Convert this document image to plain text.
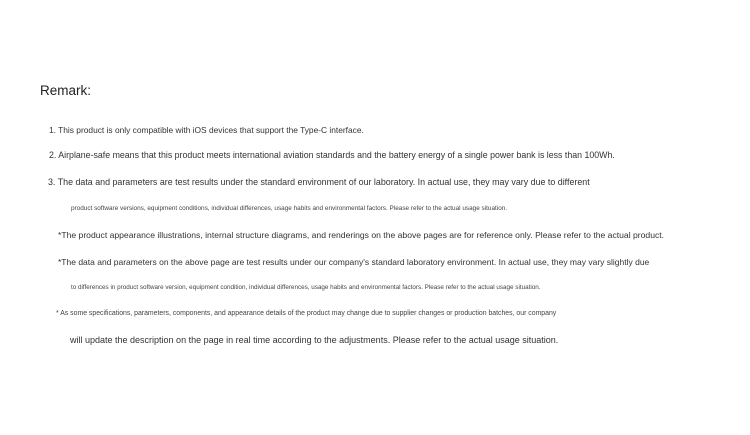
Remark:
1. This product is only compatible with iOS devices that support the Type-C interface.
2. Airplane-safe means that this product meets international aviation standards and the battery energy of a single power bank is less than 100Wh.
3. The data and parameters are test results under the standard environment of our laboratory. In actual use, they may vary due to different
product software versions, equipment conditions, individual differences, usage habits and environmental factors. Please refer to the actual usage situation.
*The product appearance illustrations, internal structure diagrams, and renderings on the above pages are for reference only. Please refer to the actual product.
*The data and parameters on the above page are test results under our company's standard laboratory environment. In actual use, they may vary slightly due
to differences in product software version, equipment condition, individual differences, usage habits and environmental factors. Please refer to the actual usage situation.
* As some specifications, parameters, components, and appearance details of the product may change due to supplier changes or production batches, our company
will update the description on the page in real time according to the adjustments. Please refer to the actual usage situation.
